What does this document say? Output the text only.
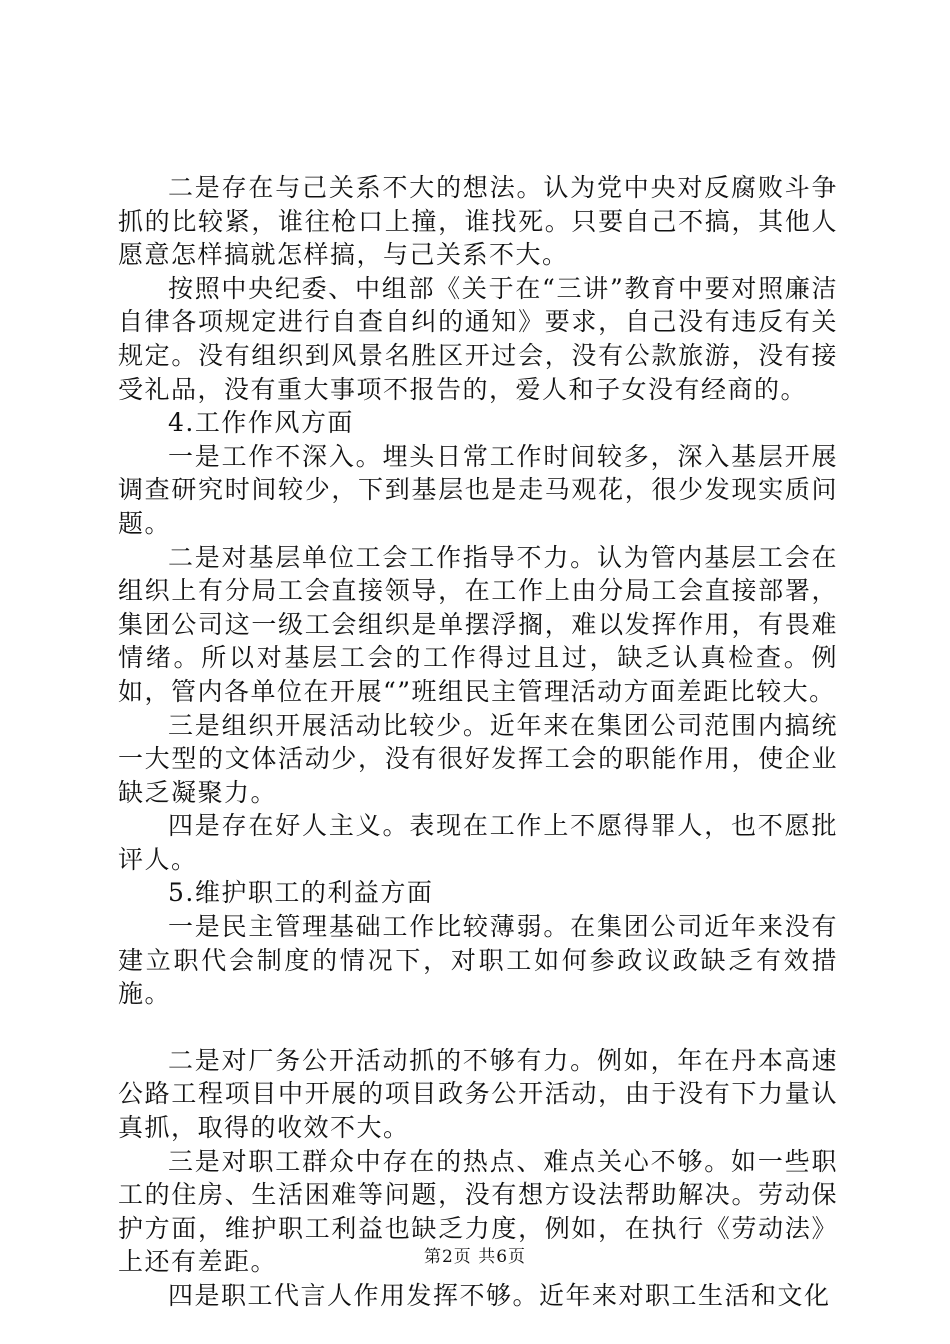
二是存在与己关系不大的想法。认为党中央对反腐败斗争抓的比较紧，谁往枪口上撞，谁找死。只要自己不搞，其他人愿意怎样搞就怎样搞，与己关系不大。

按照中央纪委、中组部《关于在“三讲”教育中要对照廉洁自律各项规定进行自查自纠的通知》要求，自己没有违反有关规定。没有组织到风景名胜区开过会，没有公款旅游，没有接受礼品，没有重大事项不报告的，爱人和子女没有经商的。

4.工作作风方面

一是工作不深入。埋头日常工作时间较多，深入基层开展调查研究时间较少，下到基层也是走马观花，很少发现实质问题。

二是对基层单位工会工作指导不力。认为管内基层工会在组织上有分局工会直接领导，在工作上由分局工会直接部署，集团公司这一级工会组织是单摆浮搁，难以发挥作用，有畏难情绪。所以对基层工会的工作得过且过，缺乏认真检查。例如，管内各单位在开展“”班组民主管理活动方面差距比较大。

三是组织开展活动比较少。近年来在集团公司范围内搞统一大型的文体活动少，没有很好发挥工会的职能作用，使企业缺乏凝聚力。

四是存在好人主义。表现在工作上不愿得罪人，也不愿批评人。

5.维护职工的利益方面

一是民主管理基础工作比较薄弱。在集团公司近年来没有建立职代会制度的情况下，对职工如何参政议政缺乏有效措施。

二是对厂务公开活动抓的不够有力。例如，年在丹本高速公路工程项目中开展的项目政务公开活动，由于没有下力量认真抓，取得的收效不大。

三是对职工群众中存在的热点、难点关心不够。如一些职工的住房、生活困难等问题，没有想方设法帮助解决。劳动保护方面，维护职工利益也缺乏力度，例如，在执行《劳动法》上还有差距。

四是职工代言人作用发挥不够。近年来对职工生活和文化

第2页 共6页
